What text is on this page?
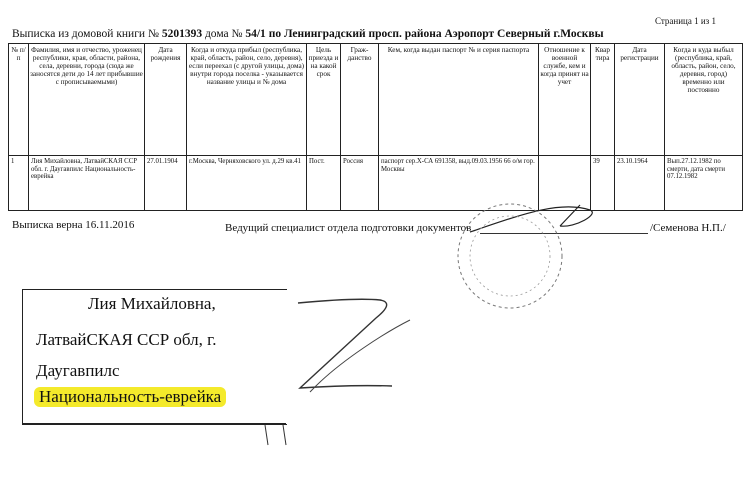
Страница 1 из 1
Выписка из домовой книги № 5201393 дома № 54/1 по Ленинградский просп. района Аэропорт Северный г.Москвы
№ п/п	Фамилия, имя и отчество, уроженец республики, края, области, района, села, деревни, города (сюда же заносятся дети до 14 лет прибывшие с прописываемыми)	Дата рождения	Когда и откуда прибыл (республика, край, область, район, село, деревня), если переехал (с другой улицы, дома) внутри города поселка - указывается название улицы и № дома	Цель приезда и на какой срок	Граж-данство	Кем, когда выдан паспорт № и серия паспорта	Отношение к военной службе, кем и когда принят на учет	Квар тира	Дата регистрации	Когда и куда выбыл (республика, край, область, район, село, деревня, город) временно или постоянно
1	Лия Михайловна, ЛатвайСКАЯ ССР обл. г. Даугавпилс Национальность-еврейка	27.01.1904	г.Москва, Черняховского ул. д.29 кв.41	Пост.	Россия	паспорт сер.Х-СА 691358, выд.09.03.1956 66 о/м гор. Москвы		39	23.10.1964	Вып.27.12.1982 по смерти, дата смерти 07.12.1982
Выписка верна 16.11.2016	Ведущий специалист отдела подготовки документов	/Семенова Н.П./
Лия Михайловна,
ЛатвайСКАЯ ССР обл, г.
Даугавпилс
Национальность-еврейка
